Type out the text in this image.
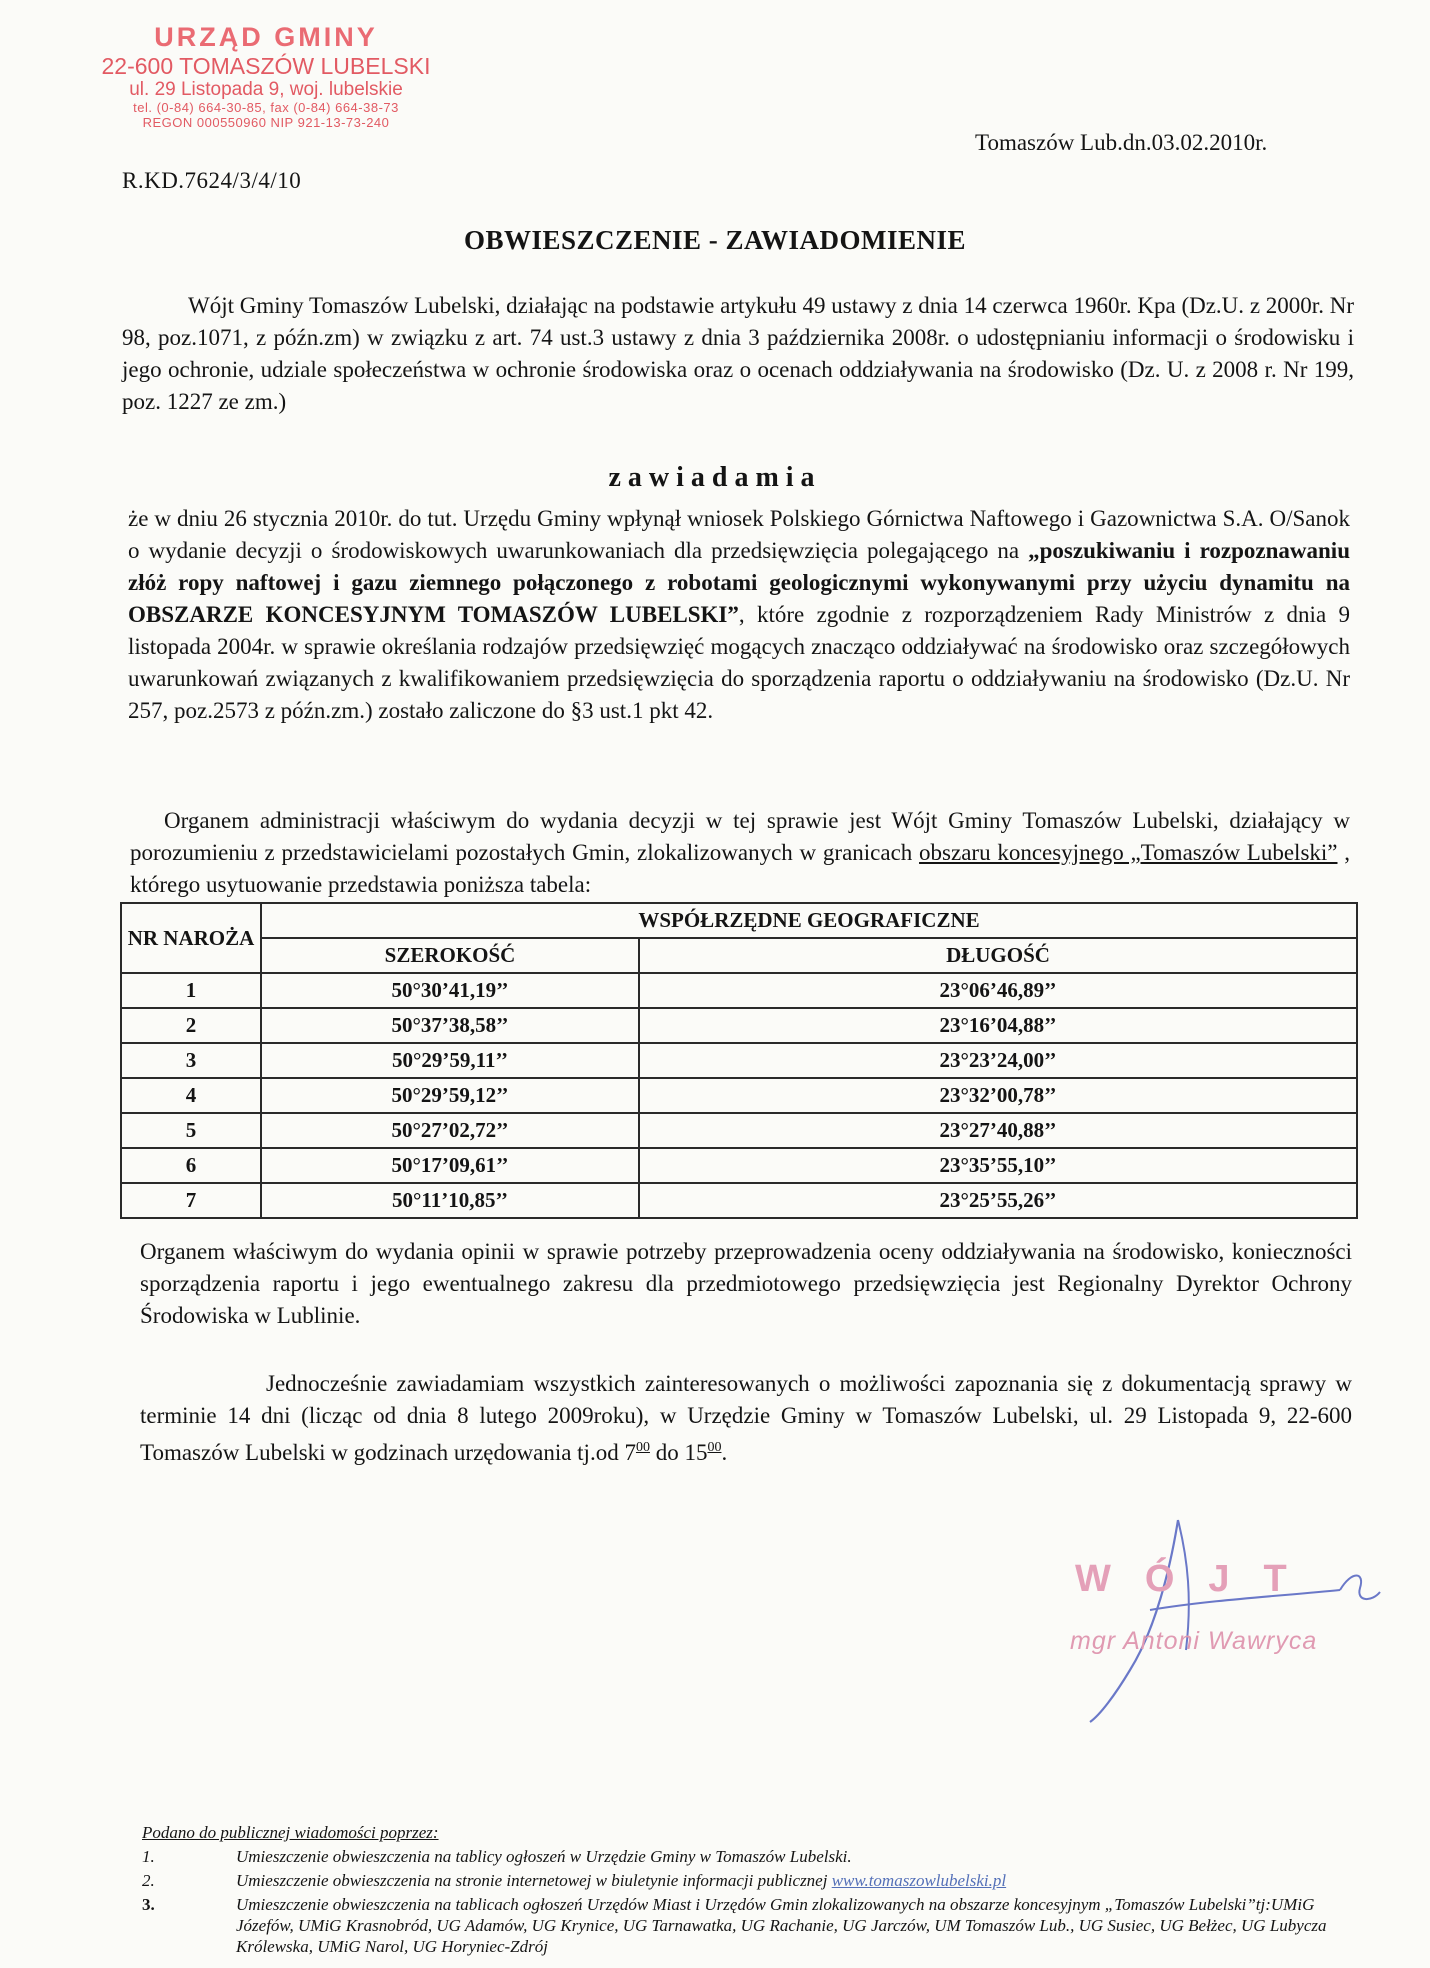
URZĄD GMINY
22-600 TOMASZÓW LUBELSKI
ul. 29 Listopada 9, woj. lubelskie
tel. (0-84) 664-30-85, fax (0-84) 664-38-73
REGON 000550960 NIP 921-13-73-240
Tomaszów Lub.dn.03.02.2010r.
R.KD.7624/3/4/10
OBWIESZCZENIE - ZAWIADOMIENIE
Wójt Gminy Tomaszów Lubelski, działając na podstawie artykułu 49 ustawy z dnia 14 czerwca 1960r. Kpa (Dz.U. z 2000r. Nr 98, poz.1071, z późn.zm) w związku z art. 74 ust.3 ustawy z dnia 3 października 2008r. o udostępnianiu informacji o środowisku i jego ochronie, udziale społeczeństwa w ochronie środowiska oraz o ocenach oddziaływania na środowisko (Dz. U. z 2008 r. Nr 199, poz. 1227 ze zm.)
zawiadamia
że w dniu 26 stycznia 2010r. do tut. Urzędu Gminy wpłynął wniosek Polskiego Górnictwa Naftowego i Gazownictwa S.A. O/Sanok o wydanie decyzji o środowiskowych uwarunkowaniach dla przedsięwzięcia polegającego na „poszukiwaniu i rozpoznawaniu złóż ropy naftowej i gazu ziemnego połączonego z robotami geologicznymi wykonywanymi przy użyciu dynamitu na OBSZARZE KONCESYJNYM TOMASZÓW LUBELSKI”, które zgodnie z rozporządzeniem Rady Ministrów z dnia 9 listopada 2004r. w sprawie określania rodzajów przedsięwzięć mogących znacząco oddziaływać na środowisko oraz szczegółowych uwarunkowań związanych z kwalifikowaniem przedsięwzięcia do sporządzenia raportu o oddziaływaniu na środowisko (Dz.U. Nr 257, poz.2573 z późn.zm.) zostało zaliczone do §3 ust.1 pkt 42.
Organem administracji właściwym do wydania decyzji w tej sprawie jest Wójt Gminy Tomaszów Lubelski, działający w porozumieniu z przedstawicielami pozostałych Gmin, zlokalizowanych w granicach obszaru koncesyjnego „Tomaszów Lubelski” , którego usytuowanie przedstawia poniższa tabela:
NR NAROŻA	WSPÓŁRZĘDNE GEOGRAFICZNE	
	SZEROKOŚĆ	DŁUGOŚĆ
1	50°30’41,19’’	23°06’46,89’’
2	50°37’38,58’’	23°16’04,88’’
3	50°29’59,11’’	23°23’24,00’’
4	50°29’59,12’’	23°32’00,78’’
5	50°27’02,72’’	23°27’40,88’’
6	50°17’09,61’’	23°35’55,10’’
7	50°11’10,85’’	23°25’55,26’’
Organem właściwym do wydania opinii w sprawie potrzeby przeprowadzenia oceny oddziaływania na środowisko, konieczności sporządzenia raportu i jego ewentualnego zakresu dla przedmiotowego przedsięwzięcia jest Regionalny Dyrektor Ochrony Środowiska w Lublinie.
Jednocześnie zawiadamiam wszystkich zainteresowanych o możliwości zapoznania się z dokumentacją sprawy w terminie 14 dni (licząc od dnia 8 lutego 2009roku), w Urzędzie Gminy w Tomaszów Lubelski, ul. 29 Listopada 9, 22-600 Tomaszów Lubelski w godzinach urzędowania tj.od $7^{00}$ do $15^{00}$.
WÓJT
mgr Antoni Wawryca
Podano do publicznej wiadomości poprzez:
1.	Umieszczenie obwieszczenia na tablicy ogłoszeń w Urzędzie Gminy w Tomaszów Lubelski.
2.	Umieszczenie obwieszczenia na stronie internetowej w biuletynie informacji publicznej www.tomaszowlubelski.pl
3.	Umieszczenie obwieszczenia na tablicach ogłoszeń Urzędów Miast i Urzędów Gmin zlokalizowanych na obszarze koncesyjnym „Tomaszów Lubelski”tj:UMiG Józefów, UMiG Krasnobród, UG Adamów, UG Krynice, UG Tarnawatka, UG Rachanie, UG Jarczów, UM Tomaszów Lub., UG Susiec, UG Bełżec, UG Lubycza Królewska, UMiG Narol, UG Horyniec-Zdrój
